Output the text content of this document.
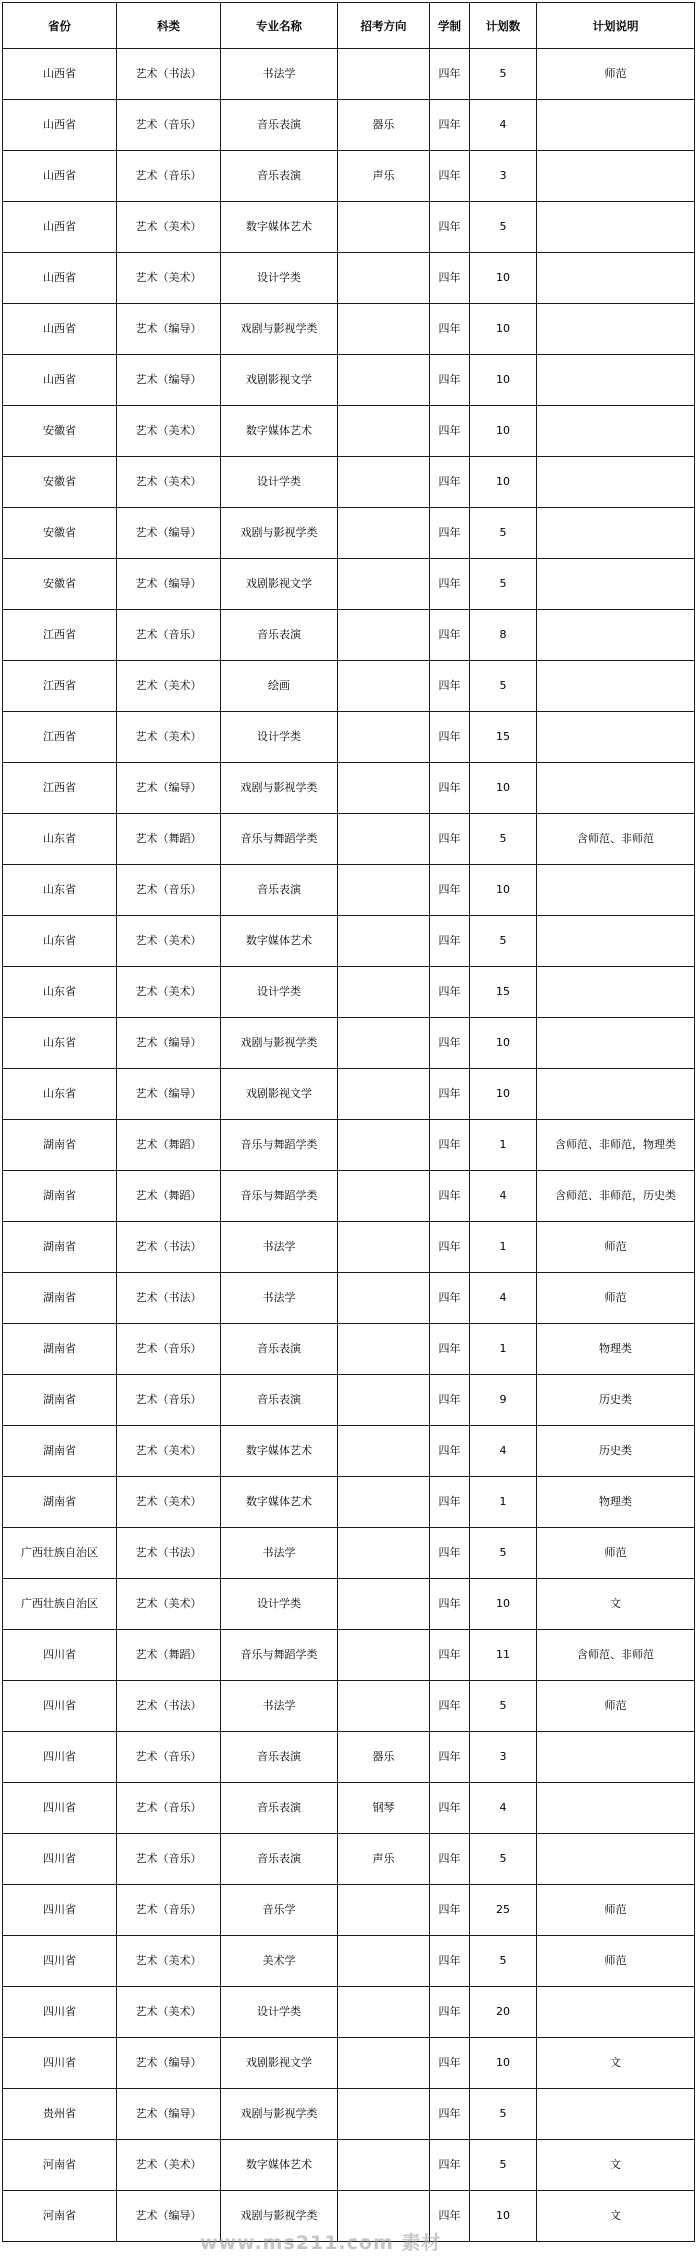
省份	科类	专业名称	招考方向	学制	计划数	计划说明
山西省	艺术（书法）	书法学		四年	5	师范
山西省	艺术（音乐）	音乐表演	器乐	四年	4	
山西省	艺术（音乐）	音乐表演	声乐	四年	3	
山西省	艺术（美术）	数字媒体艺术		四年	5	
山西省	艺术（美术）	设计学类		四年	10	
山西省	艺术（编导）	戏剧与影视学类		四年	10	
山西省	艺术（编导）	戏剧影视文学		四年	10	
安徽省	艺术（美术）	数字媒体艺术		四年	10	
安徽省	艺术（美术）	设计学类		四年	10	
安徽省	艺术（编导）	戏剧与影视学类		四年	5	
安徽省	艺术（编导）	戏剧影视文学		四年	5	
江西省	艺术（音乐）	音乐表演		四年	8	
江西省	艺术（美术）	绘画		四年	5	
江西省	艺术（美术）	设计学类		四年	15	
江西省	艺术（编导）	戏剧与影视学类		四年	10	
山东省	艺术（舞蹈）	音乐与舞蹈学类		四年	5	含师范、非师范
山东省	艺术（音乐）	音乐表演		四年	10	
山东省	艺术（美术）	数字媒体艺术		四年	5	
山东省	艺术（美术）	设计学类		四年	15	
山东省	艺术（编导）	戏剧与影视学类		四年	10	
山东省	艺术（编导）	戏剧影视文学		四年	10	
湖南省	艺术（舞蹈）	音乐与舞蹈学类		四年	1	含师范、非师范，物理类
湖南省	艺术（舞蹈）	音乐与舞蹈学类		四年	4	含师范、非师范，历史类
湖南省	艺术（书法）	书法学		四年	1	师范
湖南省	艺术（书法）	书法学		四年	4	师范
湖南省	艺术（音乐）	音乐表演		四年	1	物理类
湖南省	艺术（音乐）	音乐表演		四年	9	历史类
湖南省	艺术（美术）	数字媒体艺术		四年	4	历史类
湖南省	艺术（美术）	数字媒体艺术		四年	1	物理类
广西壮族自治区	艺术（书法）	书法学		四年	5	师范
广西壮族自治区	艺术（美术）	设计学类		四年	10	文
四川省	艺术（舞蹈）	音乐与舞蹈学类		四年	11	含师范、非师范
四川省	艺术（书法）	书法学		四年	5	师范
四川省	艺术（音乐）	音乐表演	器乐	四年	3	
四川省	艺术（音乐）	音乐表演	钢琴	四年	4	
四川省	艺术（音乐）	音乐表演	声乐	四年	5	
四川省	艺术（音乐）	音乐学		四年	25	师范
四川省	艺术（美术）	美术学		四年	5	师范
四川省	艺术（美术）	设计学类		四年	20	
四川省	艺术（编导）	戏剧影视文学		四年	10	文
贵州省	艺术（编导）	戏剧与影视学类		四年	5	
河南省	艺术（美术）	数字媒体艺术		四年	5	文
河南省	艺术（编导）	戏剧与影视学类		四年	10	文
www.ms211.com 素材
